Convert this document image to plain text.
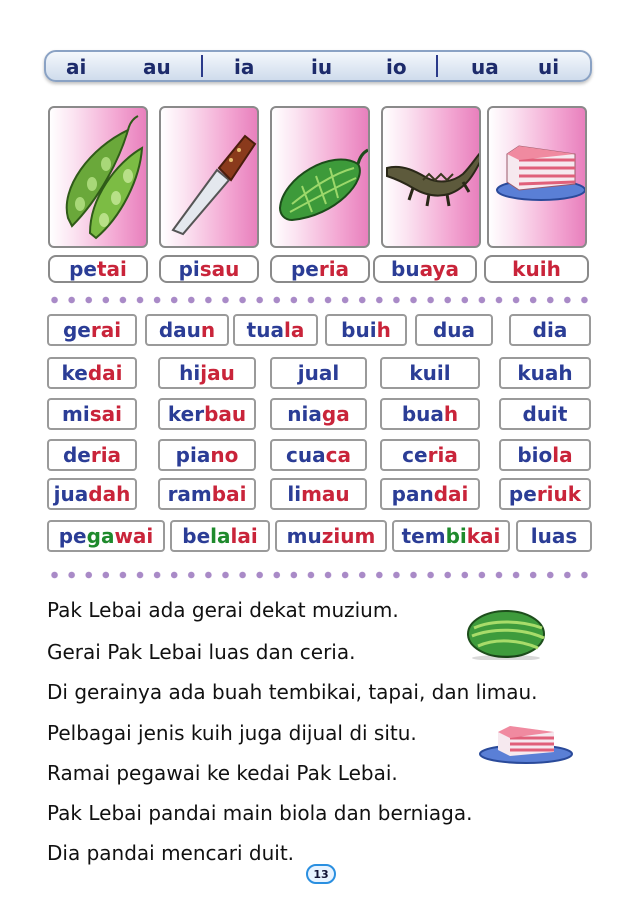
ai	au	ia	iu	io	ua ui
petai	pisau	peria	buaya	kuih
gerai	daun	tuala	buih	dua	dia
kedai	hijau	jual	kuil	kuah
misai	kerbau	niaga	buah	duit
deria	piano	cuaca	ceria	biola
juadah	rambai	limau	pandai	periuk
pegawai	belalai	muzium	tembikai	luas
Pak Lebai ada gerai dekat muzium.
Gerai Pak Lebai luas dan ceria.
Di gerainya ada buah tembikai, tapai, dan limau.
Pelbagai jenis kuih juga dijual di situ.
Ramai pegawai ke kedai Pak Lebai.
Pak Lebai pandai main biola dan berniaga.
Dia pandai mencari duit.
13
